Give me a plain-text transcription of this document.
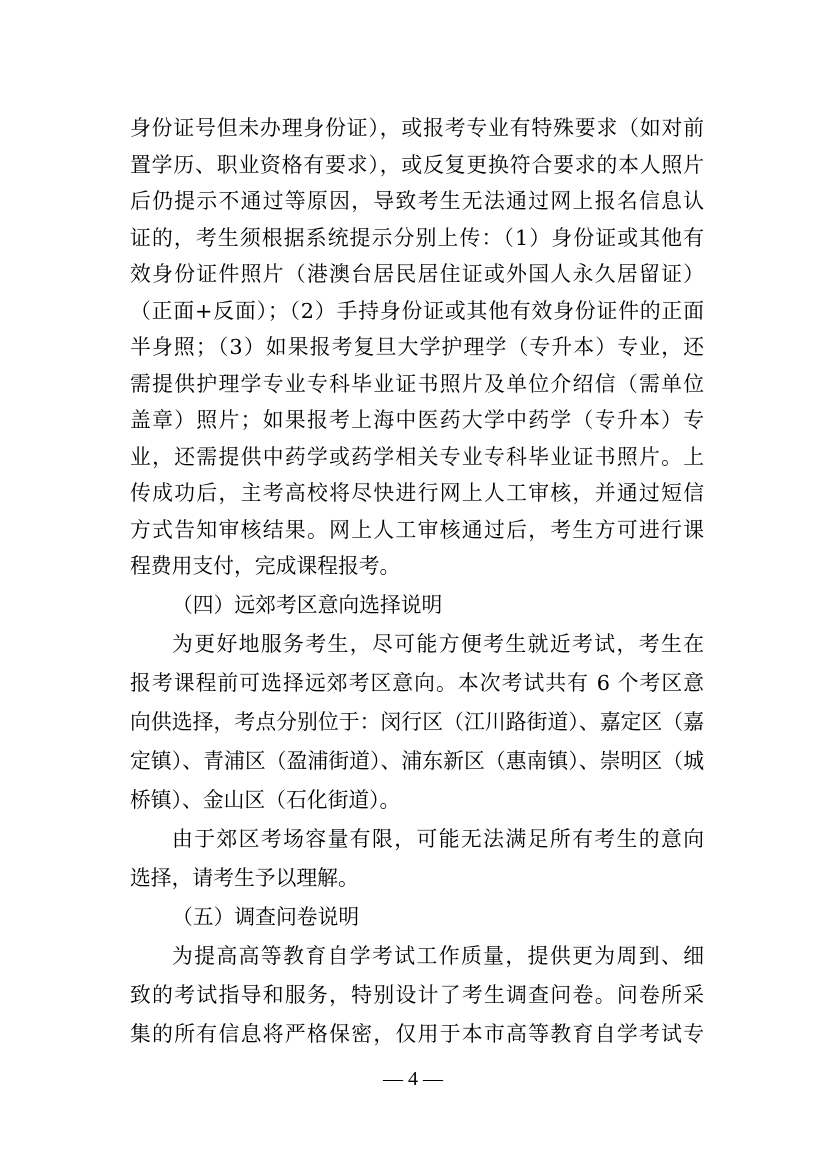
身份证号但未办理身份证），或报考专业有特殊要求（如对前
置学历、职业资格有要求），或反复更换符合要求的本人照片
后仍提示不通过等原因，导致考生无法通过网上报名信息认
证的，考生须根据系统提示分别上传：（1）身份证或其他有
效身份证件照片（港澳台居民居住证或外国人永久居留证）
（正面+反面）；（2）手持身份证或其他有效身份证件的正面
半身照；（3）如果报考复旦大学护理学（专升本）专业，还
需提供护理学专业专科毕业证书照片及单位介绍信（需单位
盖章）照片；如果报考上海中医药大学中药学（专升本）专
业，还需提供中药学或药学相关专业专科毕业证书照片。上
传成功后，主考高校将尽快进行网上人工审核，并通过短信
方式告知审核结果。网上人工审核通过后，考生方可进行课
程费用支付，完成课程报考。
（四）远郊考区意向选择说明
为更好地服务考生，尽可能方便考生就近考试，考生在
报考课程前可选择远郊考区意向。本次考试共有 6 个考区意
向供选择，考点分别位于：闵行区（江川路街道）、嘉定区（嘉
定镇）、青浦区（盈浦街道）、浦东新区（惠南镇）、崇明区（城
桥镇）、金山区（石化街道）。
由于郊区考场容量有限，可能无法满足所有考生的意向
选择，请考生予以理解。
（五）调查问卷说明
为提高高等教育自学考试工作质量，提供更为周到、细
致的考试指导和服务，特别设计了考生调查问卷。问卷所采
集的所有信息将严格保密，仅用于本市高等教育自学考试专
— 4 —
